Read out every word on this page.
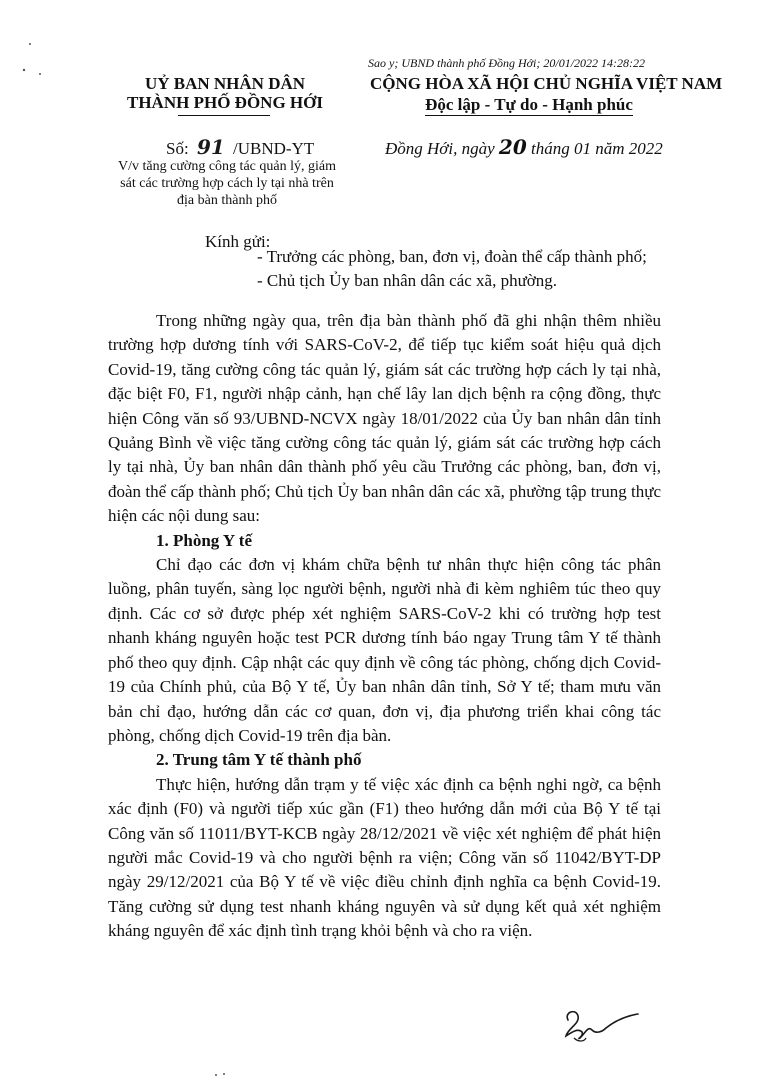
UỶ BAN NHÂN DÂN
THÀNH PHỐ ĐỒNG HỚI
Số: 91 /UBND-YT
V/v tăng cường công tác quản lý, giám sát các trường hợp cách ly tại nhà trên địa bàn thành phố
Sao y; UBND thành phố Đồng Hới; 20/01/2022 14:28:22
CỘNG HÒA XÃ HỘI CHỦ NGHĨA VIỆT NAM
Độc lập - Tự do - Hạnh phúc
Đồng Hới, ngày 20 tháng 01 năm 2022
Kính gửi:
- Trưởng các phòng, ban, đơn vị, đoàn thể cấp thành phố;
- Chủ tịch Ủy ban nhân dân các xã, phường.

Trong những ngày qua, trên địa bàn thành phố đã ghi nhận thêm nhiều trường hợp dương tính với SARS-CoV-2, để tiếp tục kiểm soát hiệu quả dịch Covid-19, tăng cường công tác quản lý, giám sát các trường hợp cách ly tại nhà, đặc biệt F0, F1, người nhập cảnh, hạn chế lây lan dịch bệnh ra cộng đồng, thực hiện Công văn số 93/UBND-NCVX ngày 18/01/2022 của Ủy ban nhân dân tỉnh Quảng Bình về việc tăng cường công tác quản lý, giám sát các trường hợp cách ly tại nhà, Ủy ban nhân dân thành phố yêu cầu Trưởng các phòng, ban, đơn vị, đoàn thể cấp thành phố; Chủ tịch Ủy ban nhân dân các xã, phường tập trung thực hiện các nội dung sau:

1. Phòng Y tế

Chỉ đạo các đơn vị khám chữa bệnh tư nhân thực hiện công tác phân luồng, phân tuyến, sàng lọc người bệnh, người nhà đi kèm nghiêm túc theo quy định. Các cơ sở được phép xét nghiệm SARS-CoV-2 khi có trường hợp test nhanh kháng nguyên hoặc test PCR dương tính báo ngay Trung tâm Y tế thành phố theo quy định. Cập nhật các quy định về công tác phòng, chống dịch Covid-19 của Chính phủ, của Bộ Y tế, Ủy ban nhân dân tỉnh, Sở Y tế; tham mưu văn bản chỉ đạo, hướng dẫn các cơ quan, đơn vị, địa phương triển khai công tác phòng, chống dịch Covid-19 trên địa bàn.

2. Trung tâm Y tế thành phố

Thực hiện, hướng dẫn trạm y tế việc xác định ca bệnh nghi ngờ, ca bệnh xác định (F0) và người tiếp xúc gần (F1) theo hướng dẫn mới của Bộ Y tế tại Công văn số 11011/BYT-KCB ngày 28/12/2021 về việc xét nghiệm để phát hiện người mắc Covid-19 và cho người bệnh ra viện; Công văn số 11042/BYT-DP ngày 29/12/2021 của Bộ Y tế về việc điều chỉnh định nghĩa ca bệnh Covid-19. Tăng cường sử dụng test nhanh kháng nguyên và sử dụng kết quả xét nghiệm kháng nguyên để xác định tình trạng khỏi bệnh và cho ra viện.
